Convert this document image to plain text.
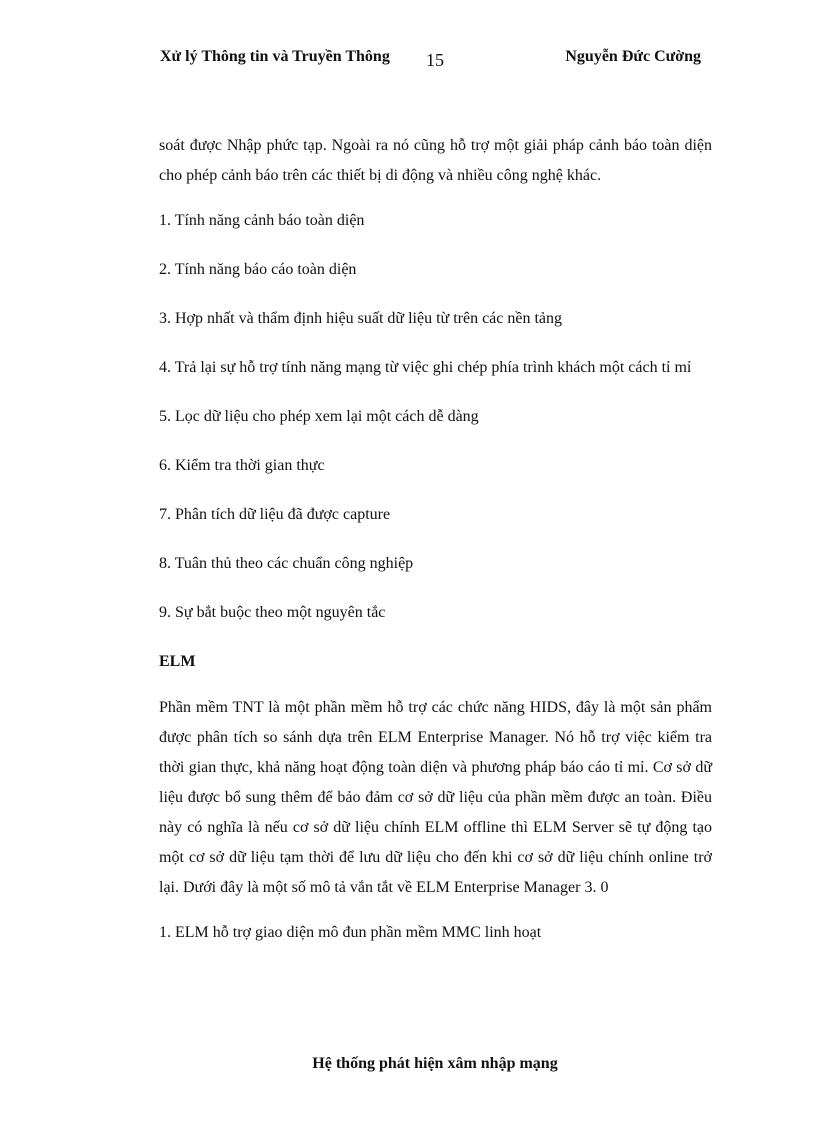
Xử lý Thông tin và Truyền Thông 15	Nguyễn Đức Cường

soát được Nhập phức tạp. Ngoài ra nó cũng hỗ trợ một giải pháp cảnh báo toàn diện cho phép cảnh báo trên các thiết bị di động và nhiều công nghệ khác.

1. Tính năng cảnh báo toàn diện

2. Tính năng báo cáo toàn diện

3. Hợp nhất và thẩm định hiệu suất dữ liệu từ trên các nền tảng

4. Trả lại sự hỗ trợ tính năng mạng từ việc ghi chép phía trình khách một cách tỉ mỉ

5. Lọc dữ liệu cho phép xem lại một cách dễ dàng

6. Kiểm tra thời gian thực

7. Phân tích dữ liệu đã được capture

8. Tuân thủ theo các chuẩn công nghiệp

9. Sự bắt buộc theo một nguyên tắc

ELM

Phần mềm TNT là một phần mềm hỗ trợ các chức năng HIDS, đây là một sản phẩm được phân tích so sánh dựa trên ELM Enterprise Manager. Nó hỗ trợ việc kiểm tra thời gian thực, khả năng hoạt động toàn diện và phương pháp báo cáo tỉ mỉ. Cơ sở dữ liệu được bổ sung thêm để bảo đảm cơ sở dữ liệu của phần mềm được an toàn. Điều này có nghĩa là nếu cơ sở dữ liệu chính ELM offline thì ELM Server sẽ tự động tạo một cơ sở dữ liệu tạm thời để lưu dữ liệu cho đến khi cơ sở dữ liệu chính online trở lại. Dưới đây là một số mô tả vắn tắt về ELM Enterprise Manager 3. 0

1. ELM hỗ trợ giao diện mô đun phần mềm MMC linh hoạt

Hệ thống phát hiện xâm nhập mạng
